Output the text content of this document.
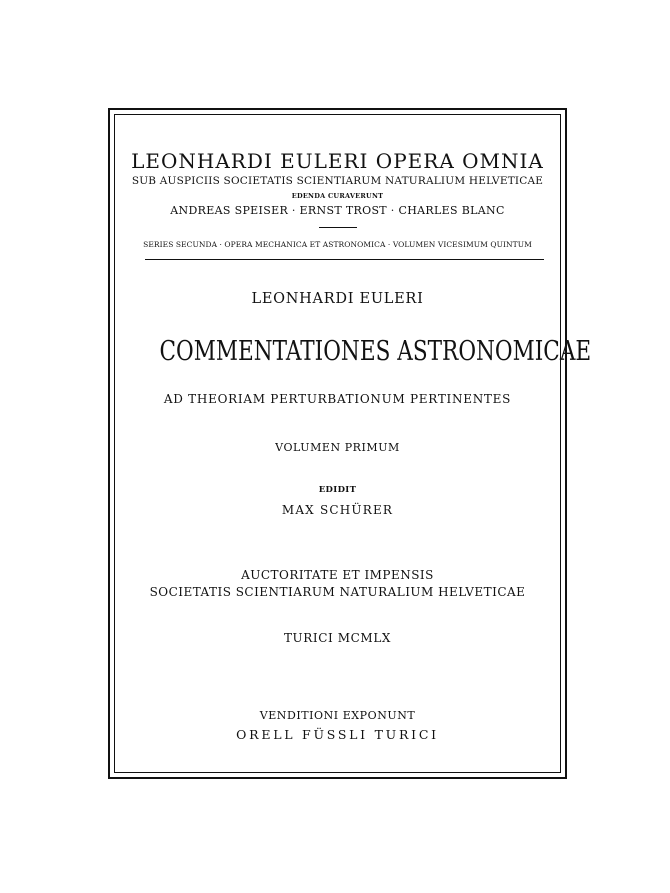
LEONHARDI EULERI OPERA OMNIA
SUB AUSPICIIS SOCIETATIS SCIENTIARUM NATURALIUM HELVETICAE
EDENDA CURAVERUNT
ANDREAS SPEISER · ERNST TROST · CHARLES BLANC
SERIES SECUNDA · OPERA MECHANICA ET ASTRONOMICA · VOLUMEN VICESIMUM QUINTUM
LEONHARDI EULERI
COMMENTATIONES ASTRONOMICAE
AD THEORIAM PERTURBATIONUM PERTINENTES
VOLUMEN PRIMUM
EDIDIT
MAX SCHÜRER
AUCTORITATE ET IMPENSIS
SOCIETATIS SCIENTIARUM NATURALIUM HELVETICAE
TURICI MCMLX
VENDITIONI EXPONUNT
ORELL FÜSSLI TURICI
